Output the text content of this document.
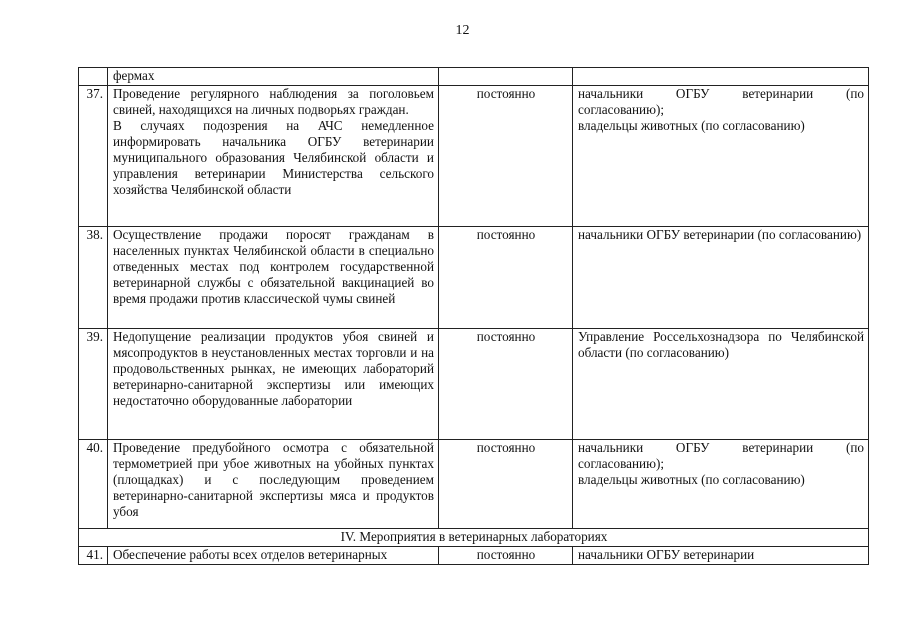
12

	фермах		

37.	Проведение регулярного наблюдения за поголовьем свиней, находящихся на личных подворьях граждан.
В случаях подозрения на АЧС немедленное информировать начальника ОГБУ ветеринарии муниципального образования Челябинской области и управления ветеринарии Министерства сельского хозяйства Челябинской области	постоянно	начальники ОГБУ ветеринарии (по согласованию);
владельцы животных (по согласованию)

38.	Осуществление продажи поросят гражданам в населенных пунктах Челябинской области в специально отведенных местах под контролем государственной ветеринарной службы с обязательной вакцинацией во время продажи против классической чумы свиней	постоянно	начальники ОГБУ ветеринарии (по согласованию)

39.	Недопущение реализации продуктов убоя свиней и мясопродуктов в неустановленных местах торговли и на продовольственных рынках, не имеющих лабораторий ветеринарно-санитарной экспертизы или имеющих недостаточно оборудованные лаборатории	постоянно	Управление Россельхознадзора по Челябинской области (по согласованию)

40.	Проведение предубойного осмотра с обязательной термометрией при убое животных на убойных пунктах (площадках) и с последующим проведением ветеринарно-санитарной экспертизы мяса и продуктов убоя	постоянно	начальники ОГБУ ветеринарии (по согласованию);
владельцы животных (по согласованию)

IV. Мероприятия в ветеринарных лабораториях			
41.	Обеспечение работы всех отделов ветеринарных	постоянно	начальники ОГБУ ветеринарии
